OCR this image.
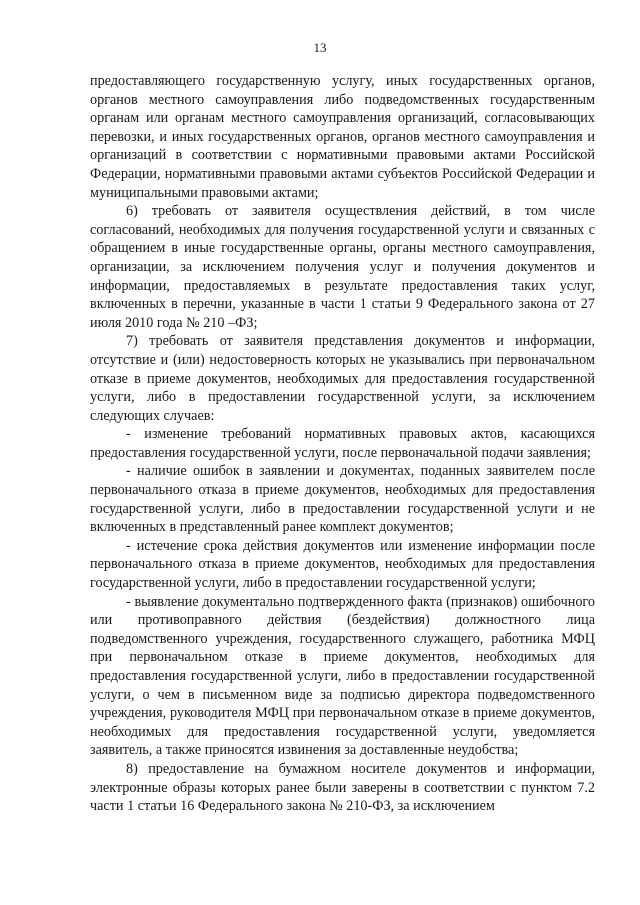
13

предоставляющего государственную услугу, иных государственных органов, органов местного самоуправления либо подведомственных государственным органам или органам местного самоуправления организаций, согласовывающих перевозки, и иных государственных органов, органов местного самоуправления и организаций в соответствии с нормативными правовыми актами Российской Федерации, нормативными правовыми актами субъектов Российской Федерации и муниципальными правовыми актами;

6) требовать от заявителя осуществления действий, в том числе согласований, необходимых для получения государственной услуги и связанных с обращением в иные государственные органы, органы местного самоуправления, организации, за исключением получения услуг и получения документов и информации, предоставляемых в результате предоставления таких услуг, включенных в перечни, указанные в части 1 статьи 9 Федерального закона от 27 июля 2010 года № 210 –ФЗ;

7) требовать от заявителя представления документов и информации, отсутствие и (или) недостоверность которых не указывались при первоначальном отказе в приеме документов, необходимых для предоставления государственной услуги, либо в предоставлении государственной услуги, за исключением следующих случаев:

- изменение требований нормативных правовых актов, касающихся предоставления государственной услуги, после первоначальной подачи заявления;

- наличие ошибок в заявлении и документах, поданных заявителем после первоначального отказа в приеме документов, необходимых для предоставления государственной услуги, либо в предоставлении государственной услуги и не включенных в представленный ранее комплект документов;

- истечение срока действия документов или изменение информации после первоначального отказа в приеме документов, необходимых для предоставления государственной услуги, либо в предоставлении государственной услуги;

- выявление документально подтвержденного факта (признаков) ошибочного или противоправного действия (бездействия) должностного лица подведомственного учреждения, государственного служащего, работника МФЦ при первоначальном отказе в приеме документов, необходимых для предоставления государственной услуги, либо в предоставлении государственной услуги, о чем в письменном виде за подписью директора подведомственного учреждения, руководителя МФЦ при первоначальном отказе в приеме документов, необходимых для предоставления государственной услуги, уведомляется заявитель, а также приносятся извинения за доставленные неудобства;

8) предоставление на бумажном носителе документов и информации, электронные образы которых ранее были заверены в соответствии с пунктом 7.2 части 1 статьи 16 Федерального закона № 210-ФЗ, за исключением
